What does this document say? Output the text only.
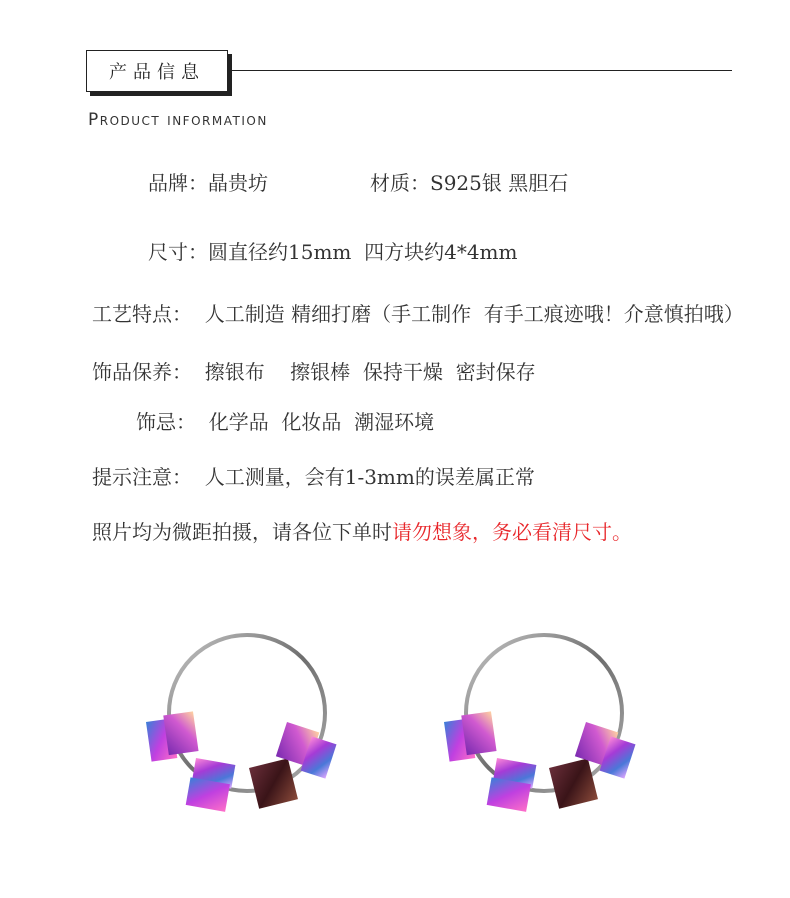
产品信息
Product information
品牌：晶贵坊	材质：S925银 黑胆石
尺寸：圆直径约15mm  四方块约4*4mm
工艺特点：  人工制造 精细打磨（手工制作  有手工痕迹哦！介意慎拍哦）
饰品保养：  擦银布    擦银棒  保持干燥  密封保存
饰忌：  化学品  化妆品  潮湿环境
提示注意：  人工测量，会有1-3mm的误差属正常
照片均为微距拍摄，请各位下单时请勿想象，务必看清尺寸。
